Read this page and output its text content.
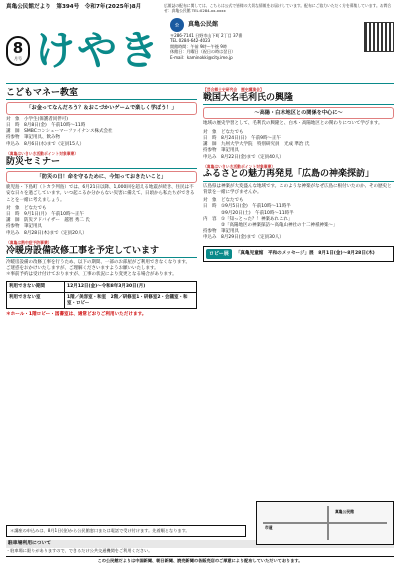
真亀公民館だより　第394号　令和7年(2025年)8月	広報誌の配布に関しては、こちらは公式で皆様の大切な情報をお届けしています。配布にご協力いただく方を募集しています。お問合せ：真亀公民館 TEL:0284-xx-xxxx
8
月号 けやき
公	真亀公民館
〒286-7141 日野市山下町 2丁目 37番
TEL 0284-642-4023
開館時間：午前 9時～午後 9時
休館日：月曜日（祝日の時は翌日）
E-mail：kaminokki@city.ime.jp
こどもマネー教室
「お金ってなんだろう？＆おこづかいゲームで楽しく学ぼう！」
対　象　小学生(保護者同伴可)
日　時　8月8日(金)　午前10時～11時
講　師　SMBCコンシューマーファイナンス株式会社
持参物　筆記用具、飲み物
申込み　8月6日(水)まで（定員15人）
（真亀はいきいき活動ポイント対象事業）
防災セミナー
「防災の日！命を守るために、今知っておきたいこと」
鹿児島・下島町（トカラ列島）では、6月21日以降、1,000回を超える地震が続き、住民は不安な日々を過ごしています。いつ起こるか分からない災害に備えて、日頃から私たちができることを一緒に考えましょう。
対　象　どなたでも
日　時　9月1日(月)　午前10時～正午
講　師　防災アドバイザー　越智 秀二 氏
持参物　筆記用具
申込み　8月28日(木)まで（定員20人）
（真亀は熱中症予防事業）
冷暖房設備改修工事を予定しています
冷暖房設備の改修工事を行うため、以下の期間、一部のお部屋がご利用できなくなります。
ご迷惑をおかけいたしますが、ご理解くださいますようお願いいたします。
＊事前予約は受け付けておりますが、工事の状況により変更となる場合があります。
利用できない期間	12月12日(金)～令和8年3月30日(月)
利用できない室	1階／美容室・和室　2階／研修室1・研修室2・会議室・和室・ロビー
＊ホール・1階ロビー・図書室は、通常どおりご利用いただけます。
【芸合郷土史研究会　歴史講演会】
戦国大名毛利氏の興隆
～高陽・白木地区との関係を中心に～
地域の歴史学習として、毛利氏の興隆と、白木・高陽地区との関わりについて学びます。
対　象　どなたでも
日　時　8月24日(日)　午前9時～正午
講　師　九州大学大学院　特別研究員　光成 準治 氏
持参物　筆記用具
申込み　8月22日(金)まで（定員40人）
（真亀はいきいき活動ポイント対象事業）
ふるさとの魅力再発見「広島の神楽探訪」
広島県は神楽が大変盛んな地域です。このような神楽がなぜ広島に根付いたのか、その歴史と背景を一緒に学びませんか。
対　象　どなたでも
日　時　①9月5日(金)　午前10時～11時半
　　　　②9月20日(土)　午前10時～11時半
内　容　①「知っとった？！神楽あれこれ」
　　　　②「高陽地区の神楽探訪～高亀山神社の十二神祇神楽～」
持参物　筆記用具
申込み　8月29日(金)まで（定員30人）
ロビー展	「真亀児童館　平和のメッセージ」展　8月1日(金)～8月28日(木)
＊講座の申込みは、8月1日(金)から公民館窓口または電話で受け付けます。先着順となります。
駐車場利用について
・駐車場に限りがありますので、できるだけ公共交通機関をご利用ください。
この公民館だよりは中国新聞、朝日新聞、読売新聞の各販売店のご厚意により配布していただいております。
真亀公民館
市道
